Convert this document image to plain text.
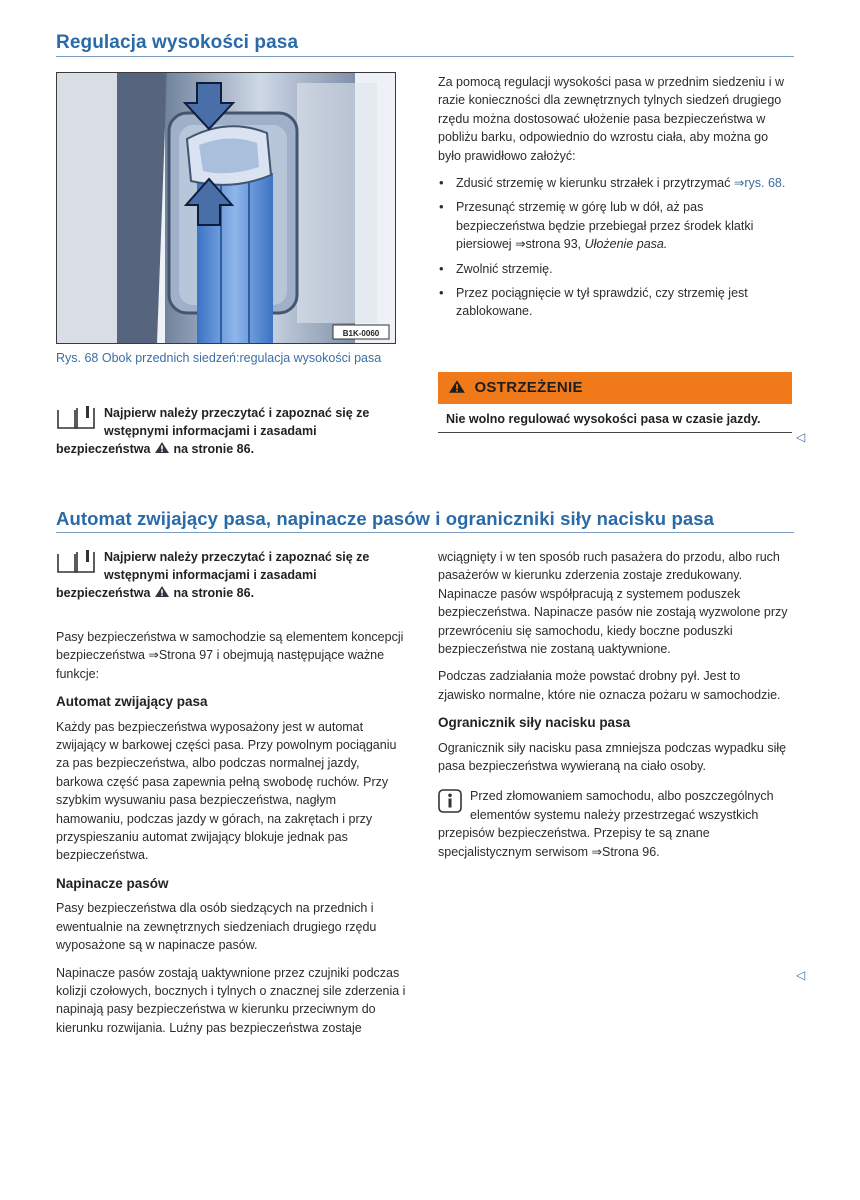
Regulacja wysokości pasa
B1K-0060
Rys. 68 Obok przednich siedzeń:regulacja wysokości pasa
Najpierw należy przeczytać i zapoznać się ze wstępnymi informacjami i zasadami bezpieczeństwa na stronie 86.

Za pomocą regulacji wysokości pasa w przednim siedzeniu i w razie konieczności dla zewnętrznych tylnych siedzeń drugiego rzędu można dostosować ułożenie pasa bezpieczeństwa w pobliżu barku, odpowiednio do wzrostu ciała, aby można go było prawidłowo założyć:

• Zdusić strzemię w kierunku strzałek i przytrzymać ⇒rys. 68.
• Przesunąć strzemię w górę lub w dół, aż pas bezpieczeństwa będzie przebiegał przez środek klatki piersiowej ⇒strona 93, Ułożenie pasa.
• Zwolnić strzemię.
• Przez pociągnięcie w tył sprawdzić, czy strzemię jest zablokowane.
OSTRZEŻENIE
Nie wolno regulować wysokości pasa w czasie jazdy.
◁
Automat zwijający pasa, napinacze pasów i ograniczniki siły nacisku pasa
Najpierw należy przeczytać i zapoznać się ze wstępnymi informacjami i zasadami bezpieczeństwa na stronie 86.

Pasy bezpieczeństwa w samochodzie są elementem koncepcji bezpieczeństwa ⇒Strona 97 i obejmują następujące ważne funkcje:

Automat zwijający pasa

Każdy pas bezpieczeństwa wyposażony jest w automat zwijający w barkowej części pasa. Przy powolnym pociąganiu za pas bezpieczeństwa, albo podczas normalnej jazdy, barkowa część pasa zapewnia pełną swobodę ruchów. Przy szybkim wysuwaniu pasa bezpieczeństwa, nagłym hamowaniu, podczas jazdy w górach, na zakrętach i przy przyspieszaniu automat zwijający blokuje jednak pas bezpieczeństwa.

Napinacze pasów

Pasy bezpieczeństwa dla osób siedzących na przednich i ewentualnie na zewnętrznych siedzeniach drugiego rzędu wyposażone są w napinacze pasów.

Napinacze pasów zostają uaktywnione przez czujniki podczas kolizji czołowych, bocznych i tylnych o znacznej sile zderzenia i napinają pasy bezpieczeństwa w kierunku przeciwnym do kierunku rozwijania. Luźny pas bezpieczeństwa zostaje

wciągnięty i w ten sposób ruch pasażera do przodu, albo ruch pasażerów w kierunku zderzenia zostaje zredukowany. Napinacze pasów współpracują z systemem poduszek bezpieczeństwa. Napinacze pasów nie zostają wyzwolone przy przewróceniu się samochodu, kiedy boczne poduszki bezpieczeństwa nie zostaną uaktywnione.

Podczas zadziałania może powstać drobny pył. Jest to zjawisko normalne, które nie oznacza pożaru w samochodzie.

Ogranicznik siły nacisku pasa

Ogranicznik siły nacisku pasa zmniejsza podczas wypadku siłę pasa bezpieczeństwa wywieraną na ciało osoby.

Przed złomowaniem samochodu, albo poszczególnych elementów systemu należy przestrzegać wszystkich przepisów bezpieczeństwa. Przepisy te są znane specjalistycznym serwisom ⇒Strona 96.
◁
